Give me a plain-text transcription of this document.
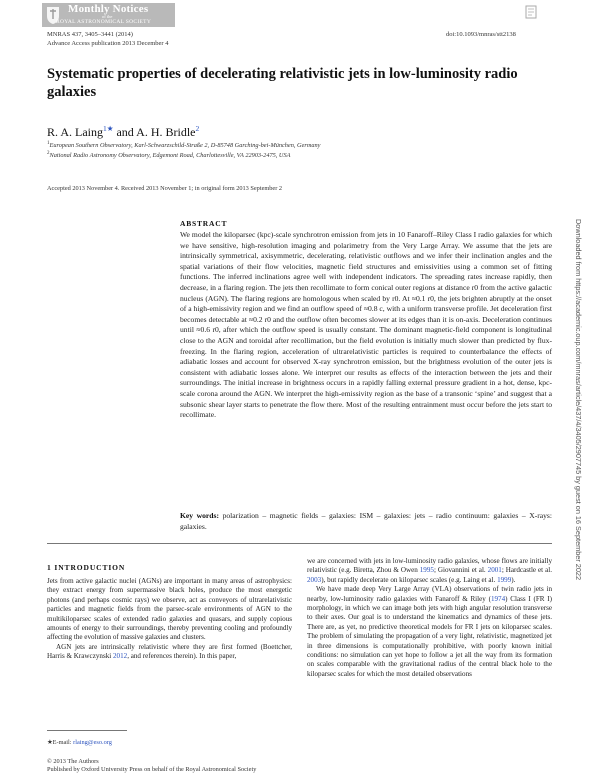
Monthly Notices
of the
ROYAL ASTRONOMICAL SOCIETY
MNRAS 437, 3405–3441 (2014)
Advance Access publication 2013 December 4
doi:10.1093/mnras/stt2138
Systematic properties of decelerating relativistic jets in low-luminosity radio galaxies
R. A. Laing$^{1★}$ and A. H. Bridle$^2$
$^1$European Southern Observatory, Karl-Schwarzschild-Straße 2, D-85748 Garching-bei-München, Germany
$^2$National Radio Astronomy Observatory, Edgemont Road, Charlottesville, VA 22903-2475, USA
Accepted 2013 November 4. Received 2013 November 1; in original form 2013 September 2
ABSTRACT
We model the kiloparsec (kpc)-scale synchrotron emission from jets in 10 Fanaroff–Riley Class I radio galaxies for which we have sensitive, high-resolution imaging and polarimetry from the Very Large Array. We assume that the jets are intrinsically symmetrical, axisymmetric, decelerating, relativistic outflows and we infer their inclination angles and the spatial variations of their flow velocities, magnetic field structures and emissivities using a common set of fitting functions. The inferred inclinations agree well with independent indicators. The spreading rates increase rapidly, then decrease, in a flaring region. The jets then recollimate to form conical outer regions at distance r0 from the active galactic nucleus (AGN). The flaring regions are homologous when scaled by r0. At ≈0.1 r0, the jets brighten abruptly at the onset of a high-emissivity region and we find an outflow speed of ≈0.8 c, with a uniform transverse profile. Jet deceleration first becomes detectable at ≈0.2 r0 and the outflow often becomes slower at its edges than it is on-axis. Deceleration continues until ≈0.6 r0, after which the outflow speed is usually constant. The dominant magnetic-field component is longitudinal close to the AGN and toroidal after recollimation, but the field evolution is initially much slower than predicted by flux-freezing. In the flaring region, acceleration of ultrarelativistic particles is required to counterbalance the effects of adiabatic losses and account for observed X-ray synchrotron emission, but the brightness evolution of the outer jets is consistent with adiabatic losses alone. We interpret our results as effects of the interaction between the jets and their surroundings. The initial increase in brightness occurs in a rapidly falling external pressure gradient in a hot, dense, kpc-scale corona around the AGN. We interpret the high-emissivity region as the base of a transonic ‘spine’ and suggest that a subsonic shear layer starts to penetrate the flow there. Most of the resulting entrainment must occur before the jets start to recollimate.
Key words: polarization – magnetic fields – galaxies: ISM – galaxies: jets – radio continuum: galaxies – X-rays: galaxies.
1 INTRODUCTION

Jets from active galactic nuclei (AGNs) are important in many areas of astrophysics: they extract energy from supermassive black holes, produce the most energetic photons (and perhaps cosmic rays) we observe, act as conveyors of ultrarelativistic particles and magnetic fields from the parsec-scale environments of AGN to the multikiloparsec scales of extended radio galaxies and quasars, and supply copious amounts of energy to their surroundings, thereby preventing cooling and profoundly affecting the evolution of massive galaxies and clusters.

AGN jets are intrinsically relativistic where they are first formed (Boettcher, Harris & Krawczynski 2012, and references therein). In this paper,

we are concerned with jets in low-luminosity radio galaxies, whose flows are initially relativistic (e.g. Biretta, Zhou & Owen 1995; Giovannini et al. 2001; Hardcastle et al. 2003), but rapidly decelerate on kiloparsec scales (e.g. Laing et al. 1999).

We have made deep Very Large Array (VLA) observations of twin radio jets in nearby, low-luminosity radio galaxies with Fanaroff & Riley (1974) Class I (FR I) morphology, in which we can image both jets with high angular resolution transverse to their axes. Our goal is to understand the kinematics and dynamics of these jets. There are, as yet, no predictive theoretical models for FR I jets on kiloparsec scales. The problem of simulating the propagation of a very light, relativistic, magnetized jet in three dimensions is computationally prohibitive, with poorly known initial conditions: no simulation can yet hope to follow a jet all the way from its formation on scales comparable with the gravitational radius of the central black hole to the kiloparsec scales for which the most detailed observations

★E-mail: rlaing@eso.org
© 2013 The Authors
Published by Oxford University Press on behalf of the Royal Astronomical Society
Downloaded from https://academic.oup.com/mnras/article/437/4/3405/2907745 by guest on 16 September 2022
